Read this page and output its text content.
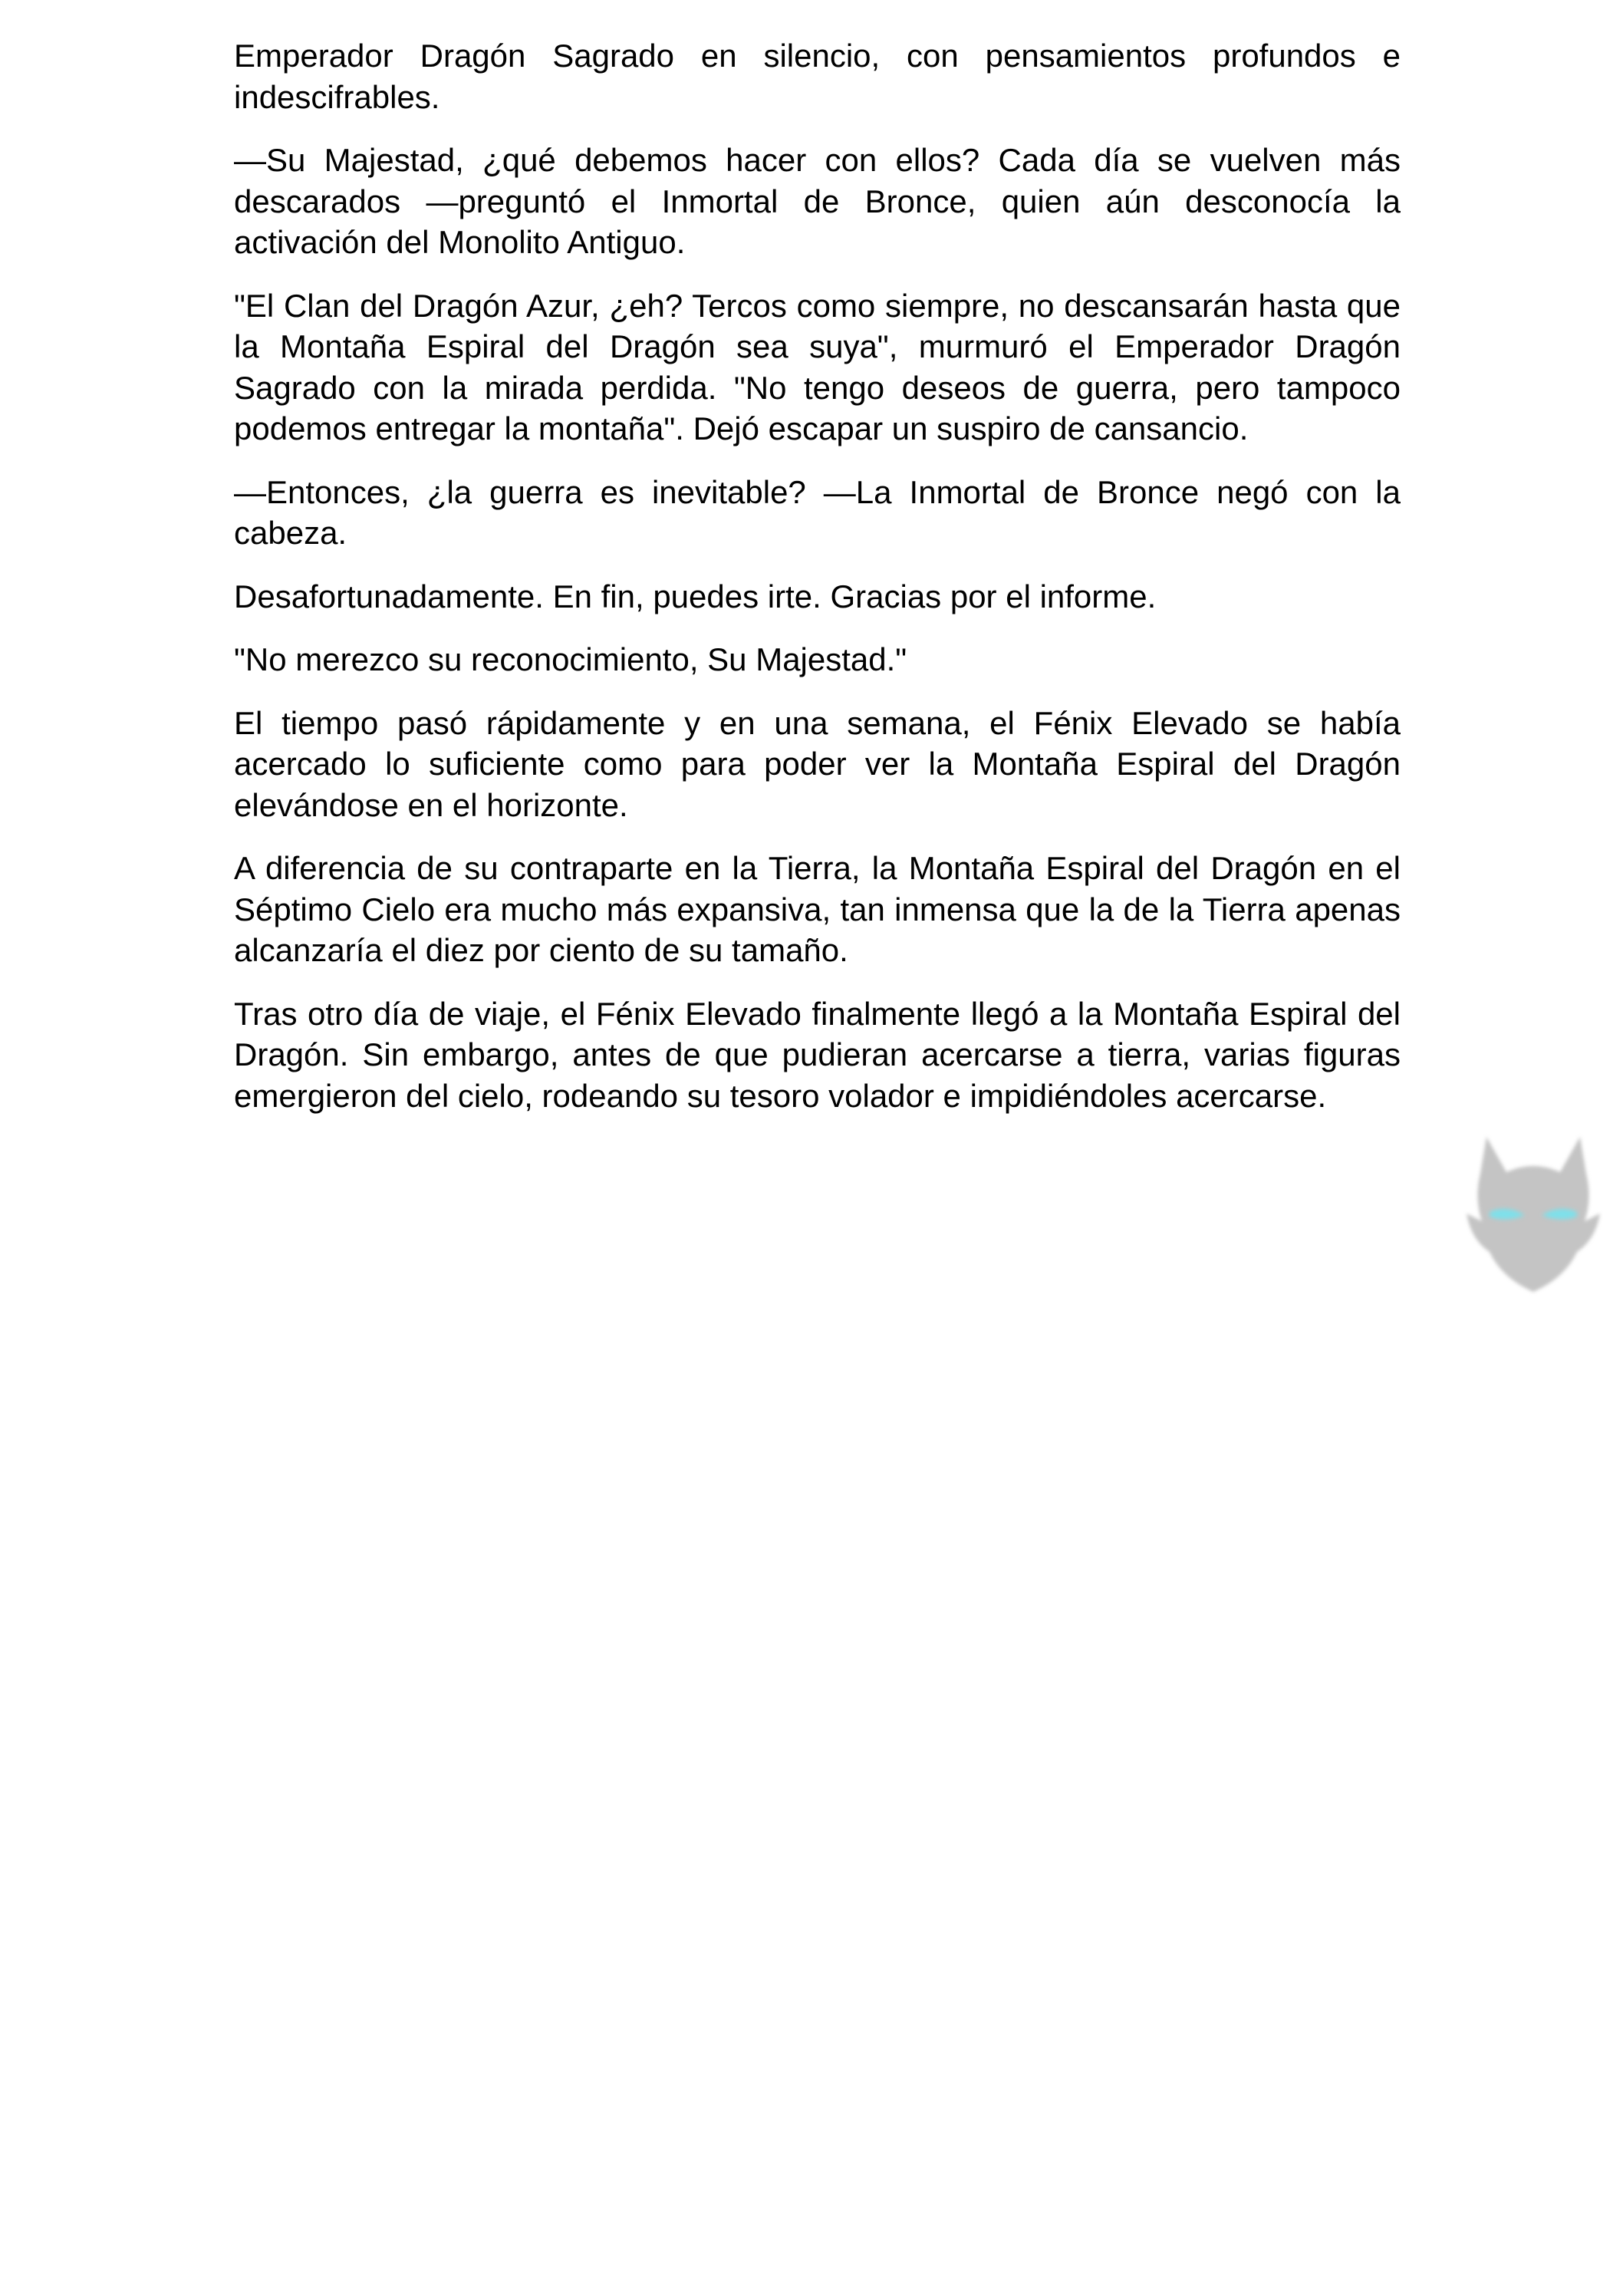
Emperador Dragón Sagrado en silencio, con pensamientos profundos e indescifrables.

—Su Majestad, ¿qué debemos hacer con ellos? Cada día se vuelven más descarados —preguntó el Inmortal de Bronce, quien aún desconocía la activación del Monolito Antiguo.

"El Clan del Dragón Azur, ¿eh? Tercos como siempre, no descansarán hasta que la Montaña Espiral del Dragón sea suya", murmuró el Emperador Dragón Sagrado con la mirada perdida. "No tengo deseos de guerra, pero tampoco podemos entregar la montaña". Dejó escapar un suspiro de cansancio.

—Entonces, ¿la guerra es inevitable? —La Inmortal de Bronce negó con la cabeza.

Desafortunadamente. En fin, puedes irte. Gracias por el informe.

"No merezco su reconocimiento, Su Majestad."

El tiempo pasó rápidamente y en una semana, el Fénix Elevado se había acercado lo suficiente como para poder ver la Montaña Espiral del Dragón elevándose en el horizonte.

A diferencia de su contraparte en la Tierra, la Montaña Espiral del Dragón en el Séptimo Cielo era mucho más expansiva, tan inmensa que la de la Tierra apenas alcanzaría el diez por ciento de su tamaño.

Tras otro día de viaje, el Fénix Elevado finalmente llegó a la Montaña Espiral del Dragón. Sin embargo, antes de que pudieran acercarse a tierra, varias figuras emergieron del cielo, rodeando su tesoro volador e impidiéndoles acercarse.
